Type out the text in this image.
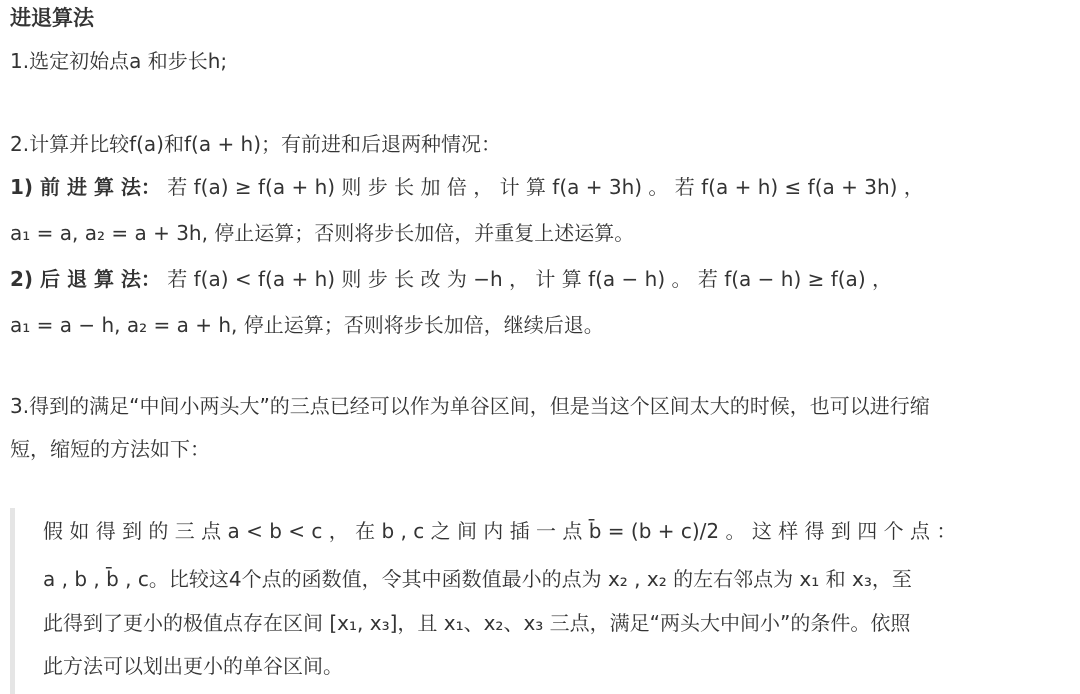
进退算法
1.选定初始点a 和步长h;
2.计算并比较f(a)和f(a + h)；有前进和后退两种情况：
1) 前 进 算 法： 若 f(a) ≥ f(a + h) 则 步 长 加 倍 ， 计 算 f(a + 3h) 。 若 f(a + h) ≤ f(a + 3h) ，
a₁ = a, a₂ = a + 3h, 停止运算；否则将步长加倍，并重复上述运算。
2) 后 退 算 法： 若 f(a) < f(a + h) 则 步 长 改 为 −h ， 计 算 f(a − h) 。 若 f(a − h) ≥ f(a) ，
a₁ = a − h, a₂ = a + h, 停止运算；否则将步长加倍，继续后退。
3.得到的满足“中间小两头大”的三点已经可以作为单谷区间，但是当这个区间太大的时候，也可以进行缩
短，缩短的方法如下：
假 如 得 到 的 三 点 a < b < c ， 在 b , c 之 间 内 插 一 点 b̄ = (b + c)/2 。 这 样 得 到 四 个 点 ：
a , b , b̄ , c。比较这4个点的函数值，令其中函数值最小的点为 x₂ , x₂ 的左右邻点为 x₁ 和 x₃，至
此得到了更小的极值点存在区间 [x₁, x₃]，且 x₁、x₂、x₃ 三点，满足“两头大中间小”的条件。依照
此方法可以划出更小的单谷区间。
